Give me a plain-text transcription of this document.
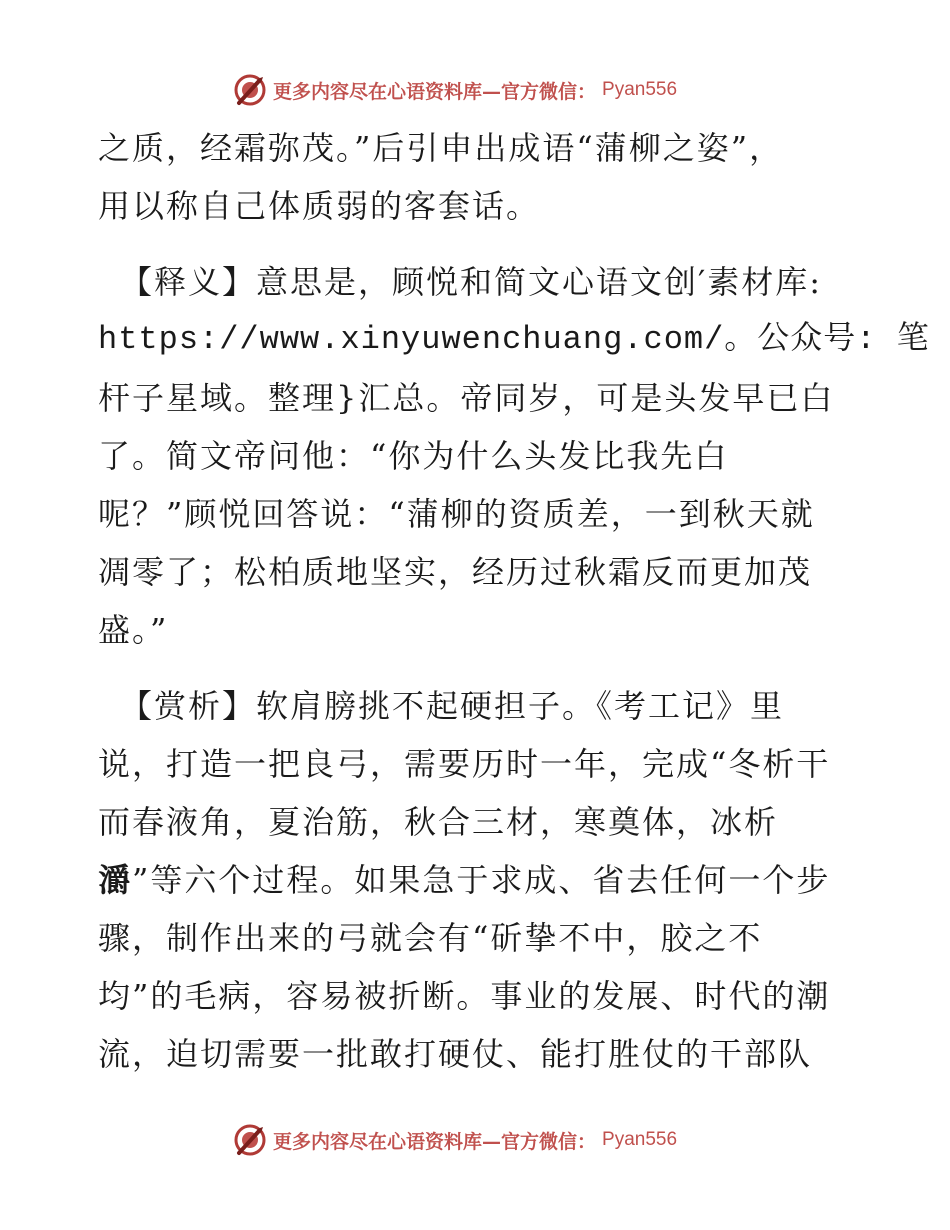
更多内容尽在心语资料库—官方微信： Pyan556

之质，经霜弥茂。”后引申出成语“蒲柳之姿”，

用以称自己体质弱的客套话。

【释义】意思是，顾悦和简文心语文创′素材库:

https://www.xinyuwenchuang.com/。公众号: 笔

杆子星域。整理}汇总。帝同岁，可是头发早已白

了。简文帝问他：“你为什么头发比我先白

呢？”顾悦回答说：“蒲柳的资质差，一到秋天就

凋零了；松柏质地坚实，经历过秋霜反而更加茂

盛。”

【赏析】软肩膀挑不起硬担子。《考工记》里

说，打造一把良弓，需要历时一年，完成“冬析干

而春液角，夏治筋，秋合三材，寒奠体，冰析

灂”等六个过程。如果急于求成、省去任何一个步

骤，制作出来的弓就会有“斫挚不中，胶之不

均”的毛病，容易被折断。事业的发展、时代的潮

流，迫切需要一批敢打硬仗、能打胜仗的干部队

更多内容尽在心语资料库—官方微信： Pyan556
